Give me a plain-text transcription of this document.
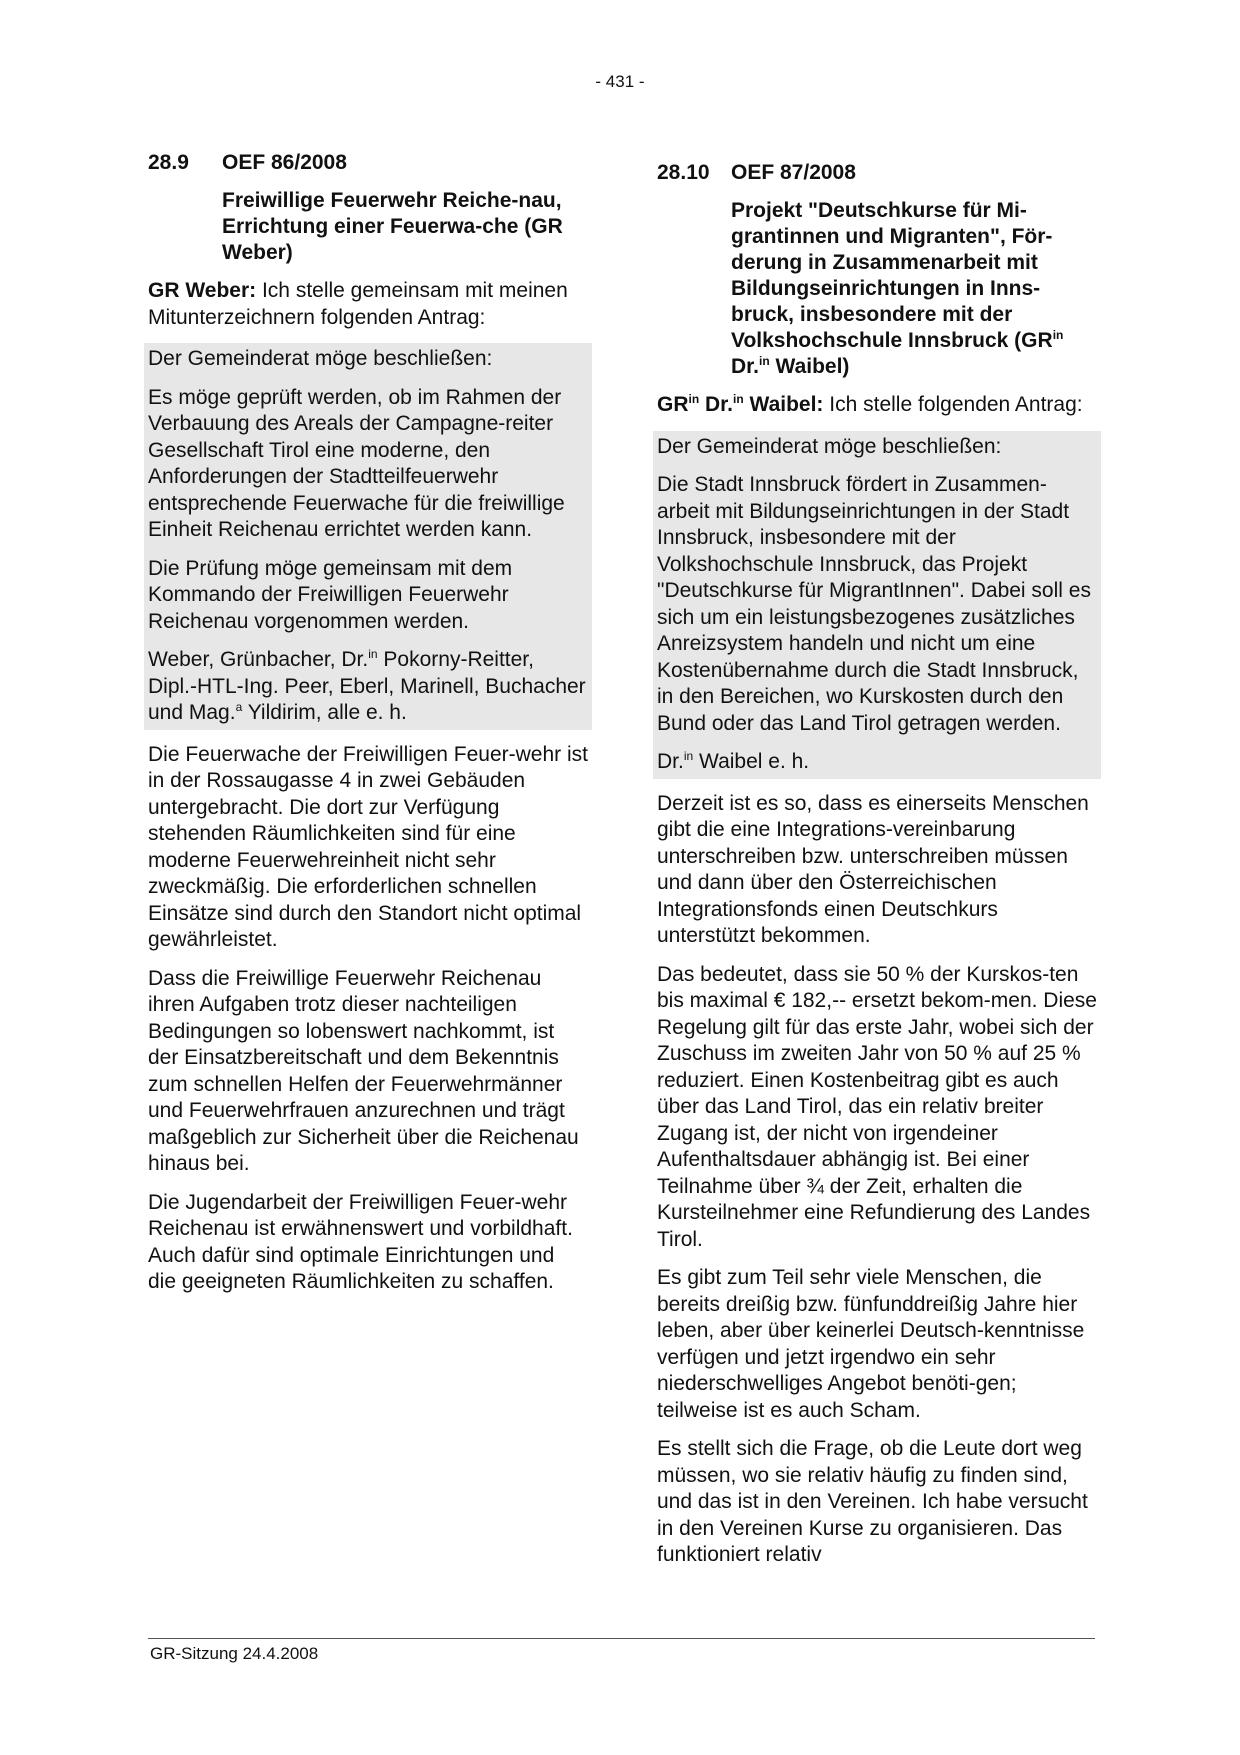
- 431 -
28.9	OEF 86/2008
Freiwillige Feuerwehr Reiche-nau, Errichtung einer Feuerwa-che (GR Weber)

GR Weber: Ich stelle gemeinsam mit meinen Mitunterzeichnern folgenden Antrag:

Der Gemeinderat möge beschließen:

Es möge geprüft werden, ob im Rahmen der Verbauung des Areals der Campagne-reiter Gesellschaft Tirol eine moderne, den Anforderungen der Stadtteilfeuerwehr entsprechende Feuerwache für die freiwillige Einheit Reichenau errichtet werden kann.

Die Prüfung möge gemeinsam mit dem Kommando der Freiwilligen Feuerwehr Reichenau vorgenommen werden.

Weber, Grünbacher, Dr.$^{in}$ Pokorny-Reitter, Dipl.-HTL-Ing. Peer, Eberl, Marinell, Buchacher und Mag.$^a$ Yildirim, alle e. h.

Die Feuerwache der Freiwilligen Feuer-wehr ist in der Rossaugasse 4 in zwei Gebäuden untergebracht. Die dort zur Verfügung stehenden Räumlichkeiten sind für eine moderne Feuerwehreinheit nicht sehr zweckmäßig. Die erforderlichen schnellen Einsätze sind durch den Standort nicht optimal gewährleistet.

Dass die Freiwillige Feuerwehr Reichenau ihren Aufgaben trotz dieser nachteiligen Bedingungen so lobenswert nachkommt, ist der Einsatzbereitschaft und dem Bekenntnis zum schnellen Helfen der Feuerwehrmänner und Feuerwehrfrauen anzurechnen und trägt maßgeblich zur Sicherheit über die Reichenau hinaus bei.

Die Jugendarbeit der Freiwilligen Feuer-wehr Reichenau ist erwähnenswert und vorbildhaft. Auch dafür sind optimale Einrichtungen und die geeigneten Räumlichkeiten zu schaffen.

28.10	OEF 87/2008
Projekt "Deutschkurse für Mi-grantinnen und Migranten", För-derung in Zusammenarbeit mit Bildungseinrichtungen in Inns-bruck, insbesondere mit der Volkshochschule Innsbruck ($GR^{in}$ Dr.$^{in}$ Waibel)

$GR^{in}$ Dr.$^{in}$ Waibel: Ich stelle folgenden Antrag:

Der Gemeinderat möge beschließen:

Die Stadt Innsbruck fördert in Zusammen-arbeit mit Bildungseinrichtungen in der Stadt Innsbruck, insbesondere mit der Volkshochschule Innsbruck, das Projekt "Deutschkurse für MigrantInnen". Dabei soll es sich um ein leistungsbezogenes zusätzliches Anreizsystem handeln und nicht um eine Kostenübernahme durch die Stadt Innsbruck, in den Bereichen, wo Kurskosten durch den Bund oder das Land Tirol getragen werden.

Dr.$^{in}$ Waibel e. h.

Derzeit ist es so, dass es einerseits Menschen gibt die eine Integrations-vereinbarung unterschreiben bzw. unterschreiben müssen und dann über den Österreichischen Integrationsfonds einen Deutschkurs unterstützt bekommen.

Das bedeutet, dass sie 50 % der Kurskos-ten bis maximal € 182,-- ersetzt bekom-men. Diese Regelung gilt für das erste Jahr, wobei sich der Zuschuss im zweiten Jahr von 50 % auf 25 % reduziert. Einen Kostenbeitrag gibt es auch über das Land Tirol, das ein relativ breiter Zugang ist, der nicht von irgendeiner Aufenthaltsdauer abhängig ist. Bei einer Teilnahme über ¾ der Zeit, erhalten die Kursteilnehmer eine Refundierung des Landes Tirol.

Es gibt zum Teil sehr viele Menschen, die bereits dreißig bzw. fünfunddreißig Jahre hier leben, aber über keinerlei Deutsch-kenntnisse verfügen und jetzt irgendwo ein sehr niederschwelliges Angebot benöti-gen; teilweise ist es auch Scham.

Es stellt sich die Frage, ob die Leute dort weg müssen, wo sie relativ häufig zu finden sind, und das ist in den Vereinen. Ich habe versucht in den Vereinen Kurse zu organisieren. Das funktioniert relativ

GR-Sitzung 24.4.2008
